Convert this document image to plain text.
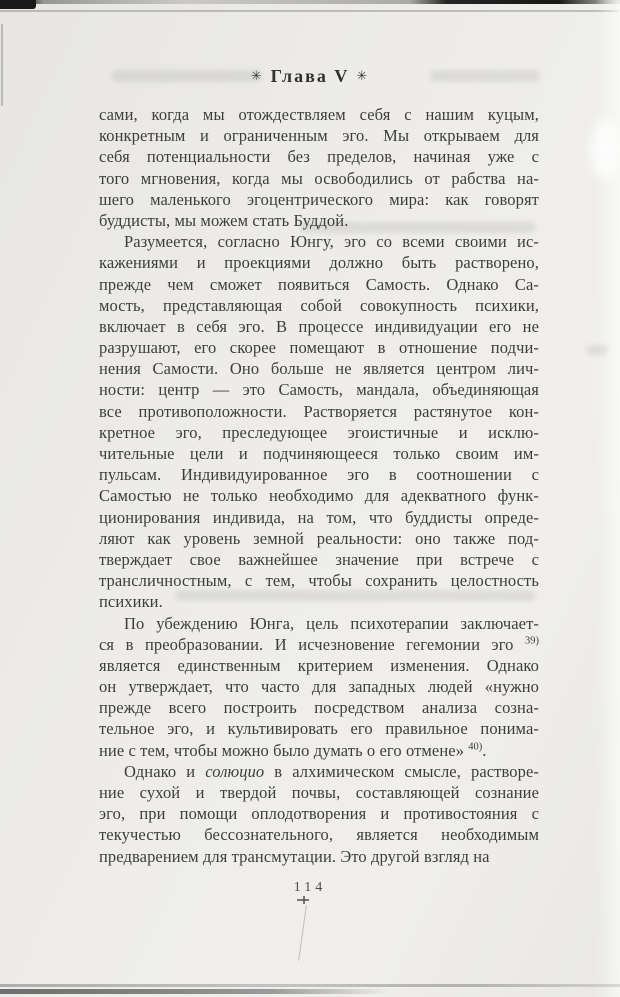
✳ Глава V ✳
сами, когда мы отождествляем себя с нашим куцым,
конкретным и ограниченным эго. Мы открываем для
себя потенциальности без пределов, начиная уже с
того мгновения, когда мы освободились от рабства на-
шего маленького эгоцентрического мира: как говорят
буддисты, мы можем стать Буддой.
Разумеется, согласно Юнгу, эго со всеми своими ис-
кажениями и проекциями должно быть растворено,
прежде чем сможет появиться Самость. Однако Са-
мость, представляющая собой совокупность психики,
включает в себя эго. В процессе индивидуации его не
разрушают, его скорее помещают в отношение подчи-
нения Самости. Оно больше не является центром лич-
ности: центр — это Самость, мандала, объединяющая
все противоположности. Растворяется растянутое кон-
кретное эго, преследующее эгоистичные и исклю-
чительные цели и подчиняющееся только своим им-
пульсам. Индивидуированное эго в соотношении с
Самостью не только необходимо для адекватного функ-
ционирования индивида, на том, что буддисты опреде-
ляют как уровень земной реальности: оно также под-
тверждает свое важнейшее значение при встрече с
трансличностным, с тем, чтобы сохранить целостность
психики.
По убеждению Юнга, цель психотерапии заключает-
ся в преобразовании. И исчезновение гегемонии эго $^{39)}$
является единственным критерием изменения. Однако
он утверждает, что часто для западных людей «нужно
прежде всего построить посредством анализа созна-
тельное эго, и культивировать его правильное понима-
ние с тем, чтобы можно было думать о его отмене» $^{40)}$.
Однако и солюцио в алхимическом смысле, растворе-
ние сухой и твердой почвы, составляющей сознание
эго, при помощи оплодотворения и противостояния с
текучестью бессознательного, является необходимым
предварением для трансмутации. Это другой взгляд на
114
